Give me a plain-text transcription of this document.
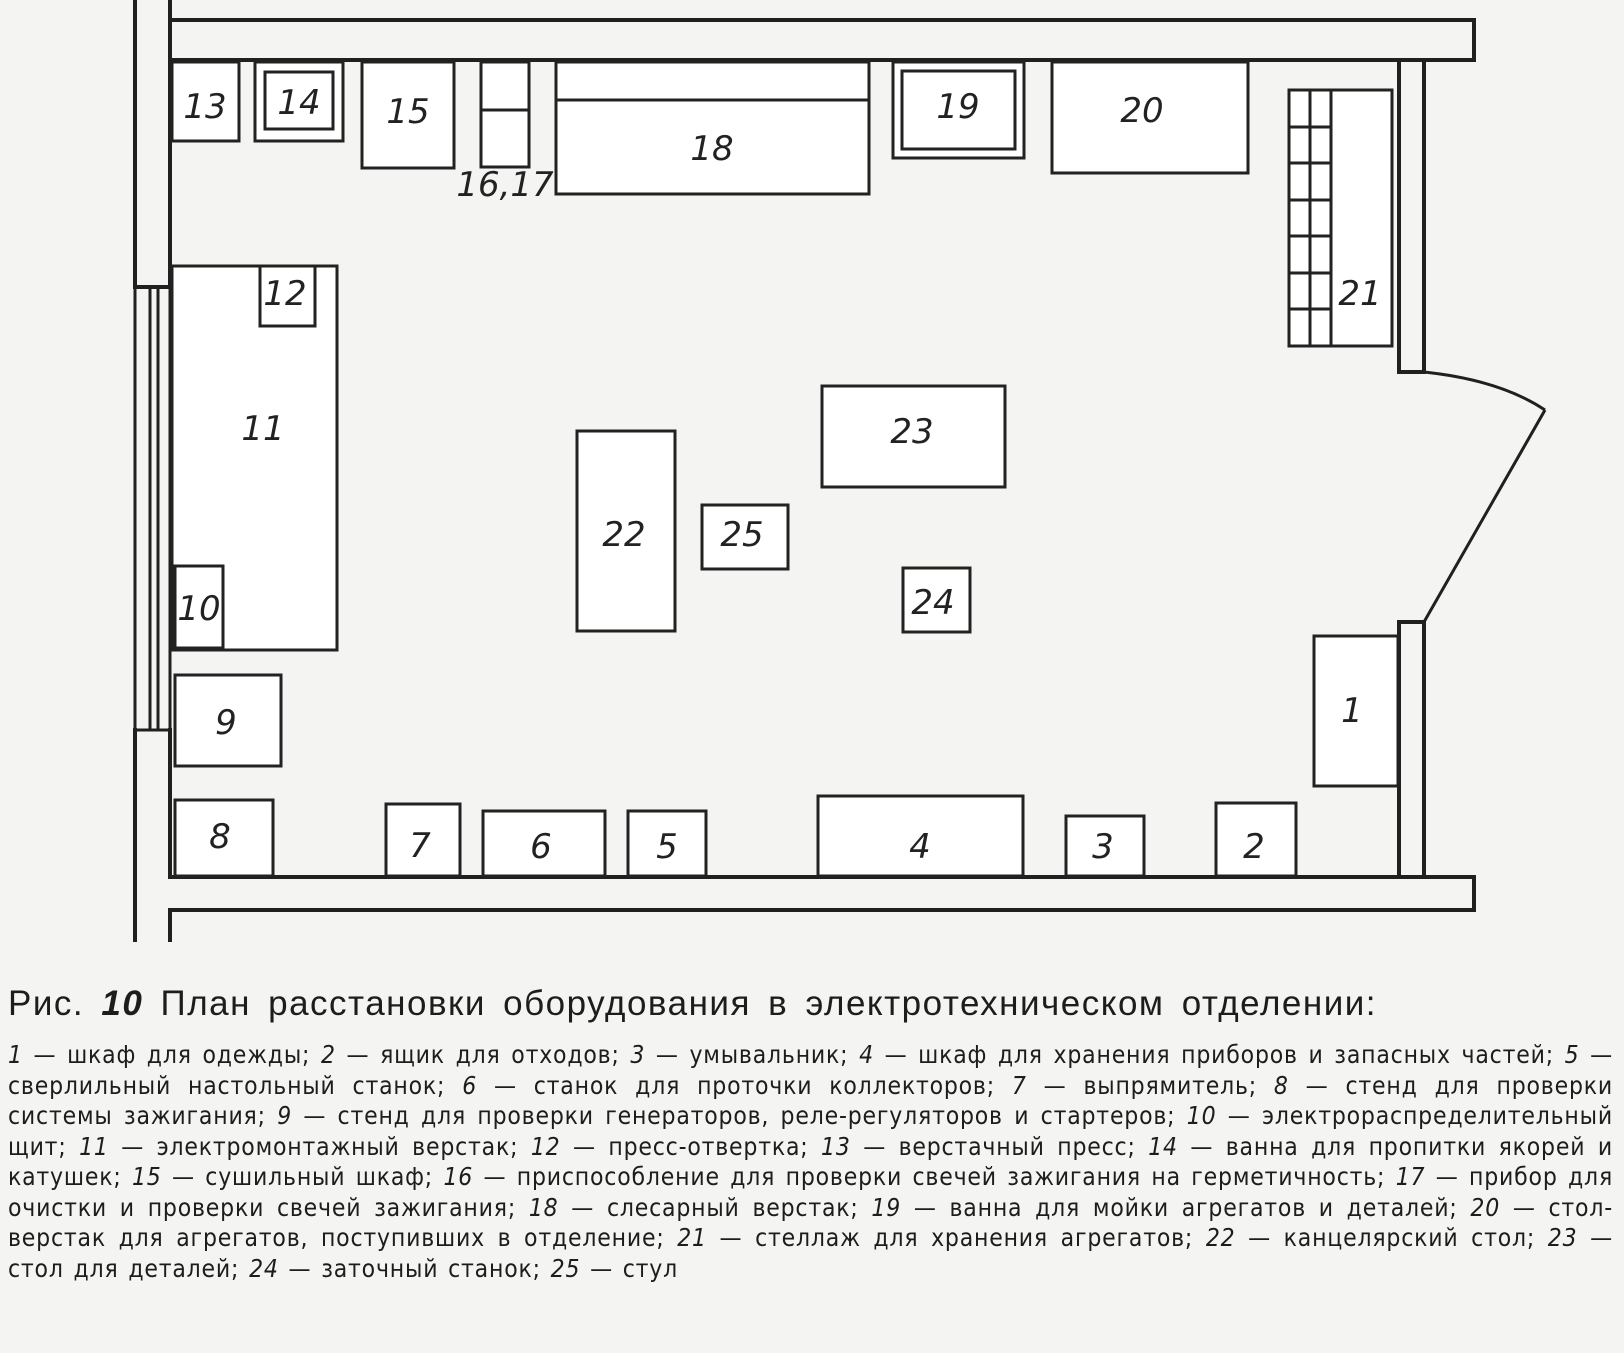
13 14 15
16,17
18
19	20
21
11
12
10
9
8	7	6	5	4	3	2
1
23
22 25
24
Рис. 10 План расстановки оборудования в электротехническом отделении:
1 — шкаф для одежды; 2 — ящик для отходов; 3 — умывальник; 4 — шкаф для хранения приборов и запасных частей; 5 — сверлильный настольный станок; 6 — станок для проточки коллекторов; 7 — выпрямитель; 8 — стенд для проверки системы зажигания; 9 — стенд для проверки генераторов, реле-регуляторов и стартеров; 10 — электрораспределительный щит; 11 — электромонтажный верстак; 12 — пресс-отвертка; 13 — верстачный пресс; 14 — ванна для пропитки якорей и катушек; 15 — сушильный шкаф; 16 — приспособление для проверки свечей зажигания на герметичность; 17 — прибор для очистки и проверки свечей зажигания; 18 — слесарный верстак; 19 — ванна для мойки агрегатов и деталей; 20 — стол-верстак для агрегатов, поступивших в отделение; 21 — стеллаж для хранения агрегатов; 22 — канцелярский стол; 23 — стол для деталей; 24 — заточный станок; 25 — стул
